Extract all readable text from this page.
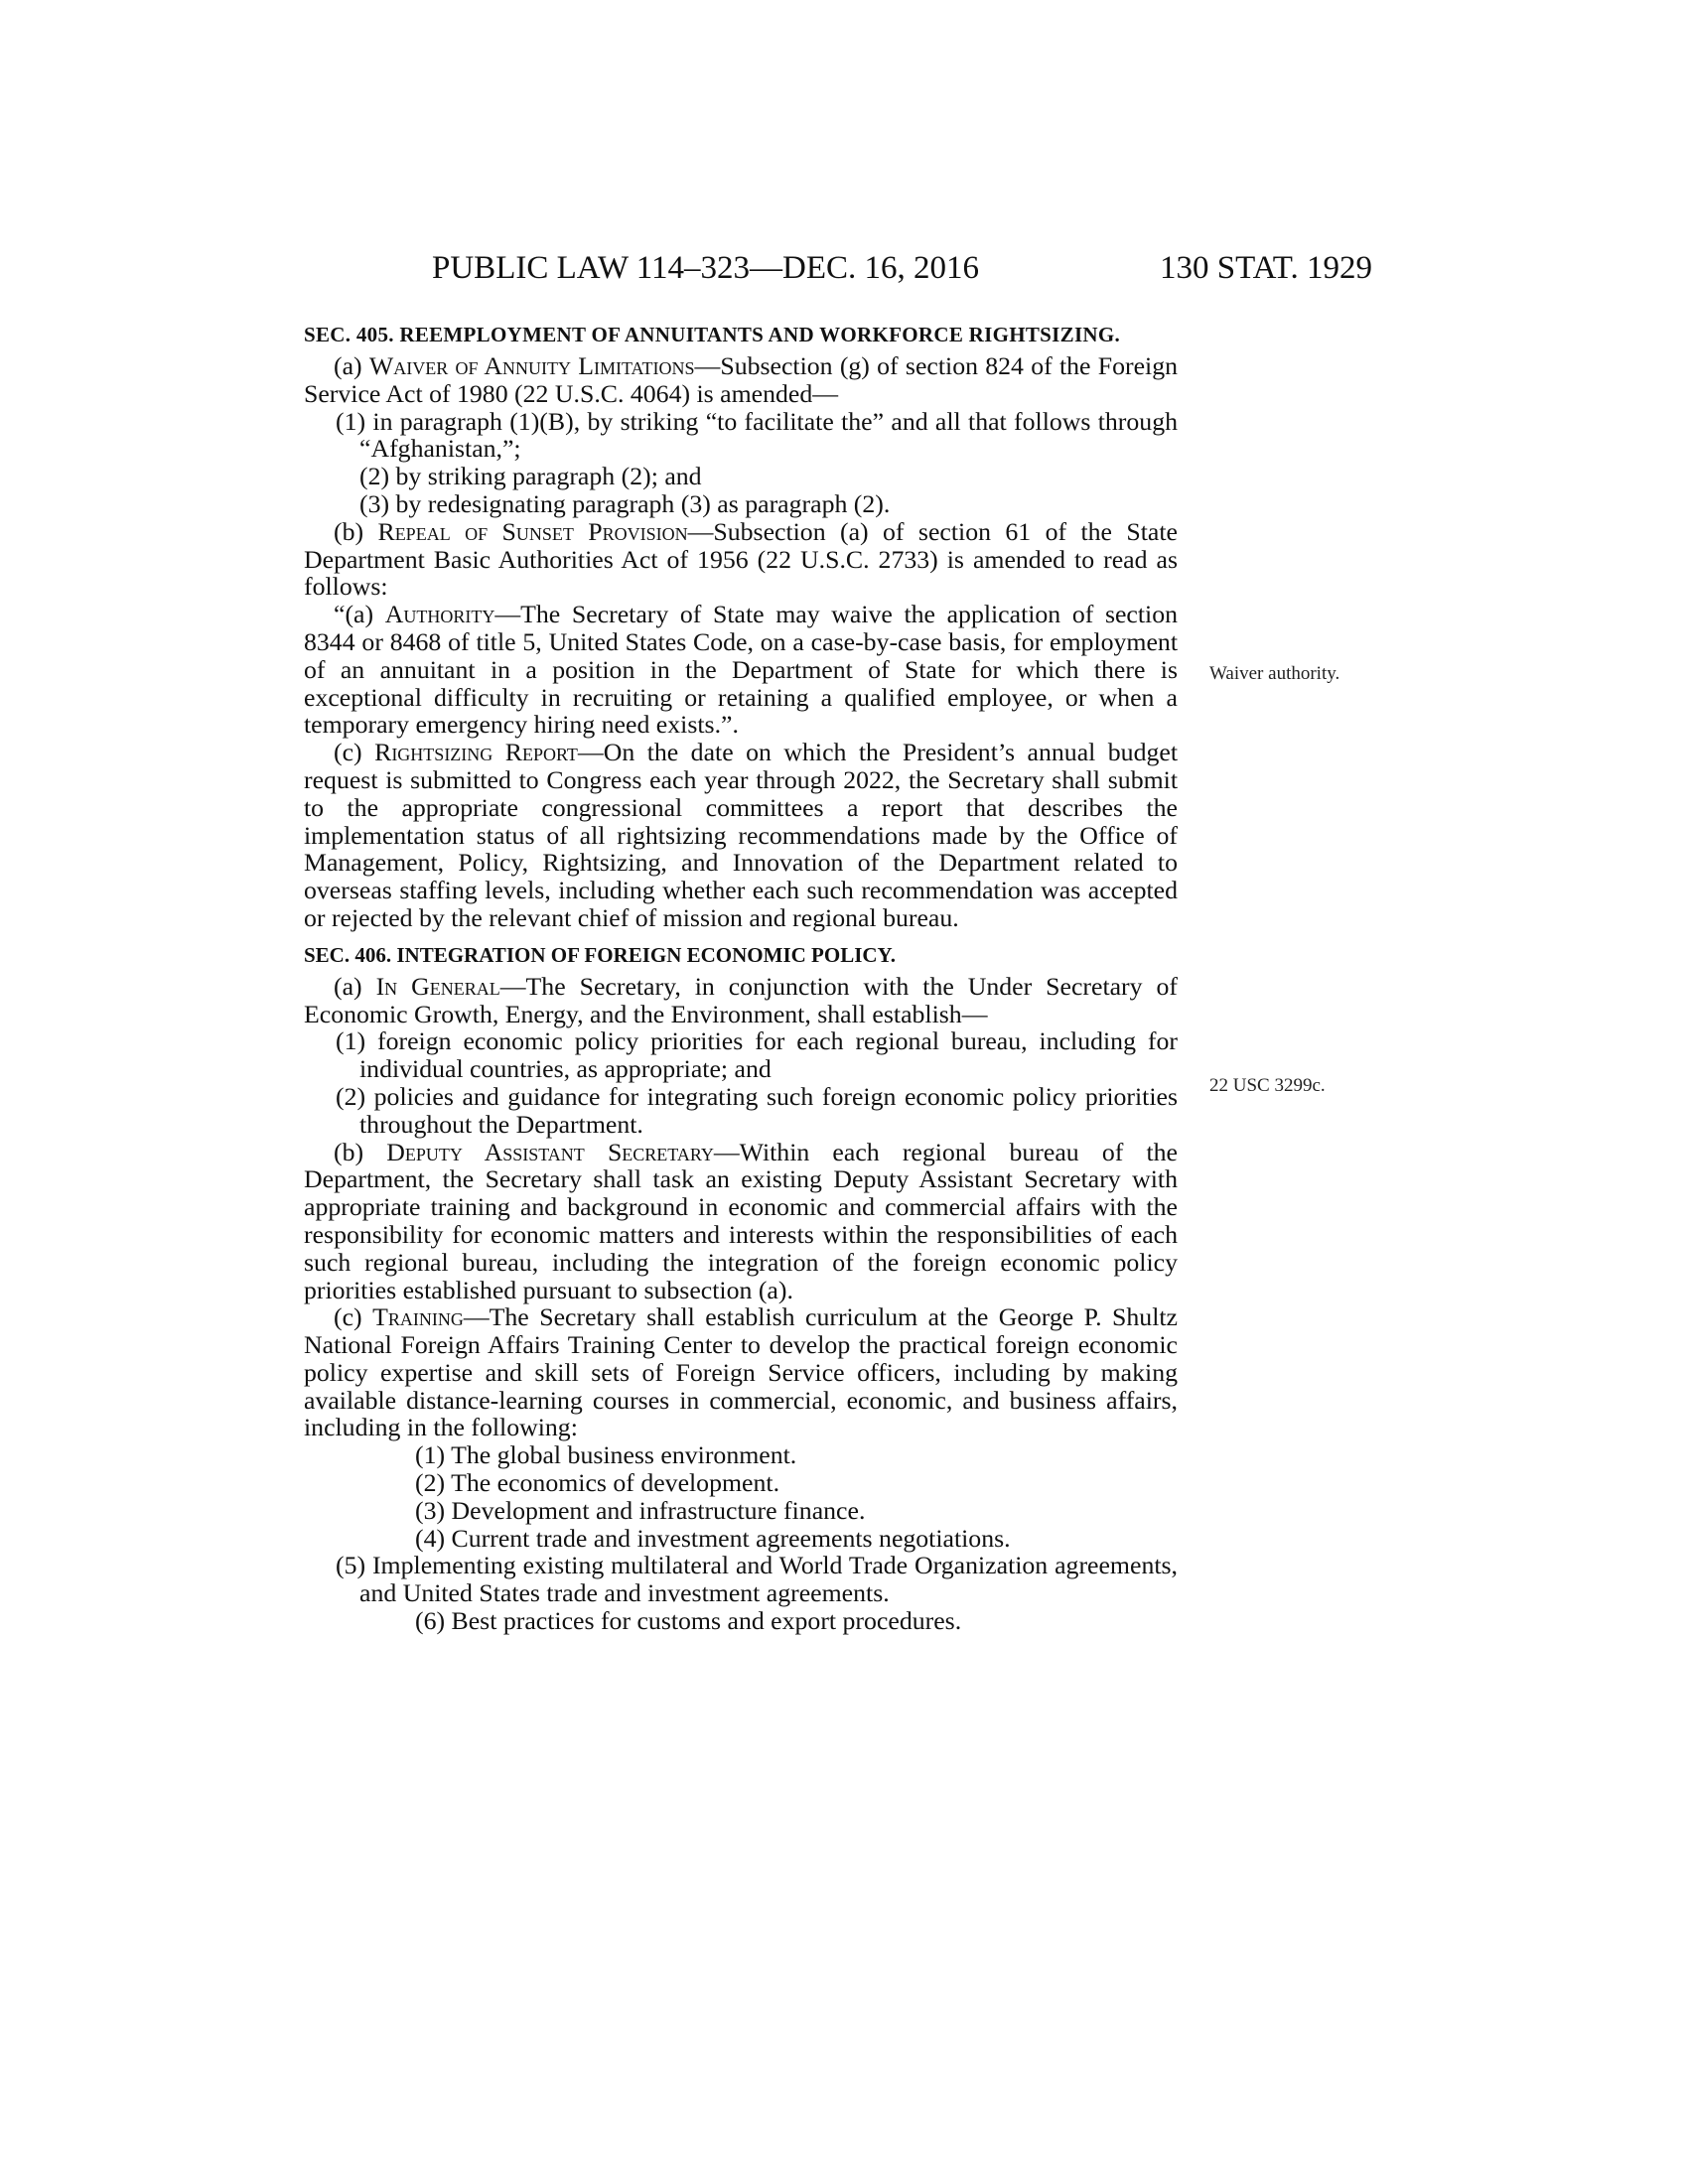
PUBLIC LAW 114–323—DEC. 16, 2016	130 STAT. 1929
SEC. 405. REEMPLOYMENT OF ANNUITANTS AND WORKFORCE RIGHTSIZING.

(a) Waiver of Annuity Limitations—Subsection (g) of section 824 of the Foreign Service Act of 1980 (22 U.S.C. 4064) is amended—

(1) in paragraph (1)(B), by striking “to facilitate the” and all that follows through “Afghanistan,”;

(2) by striking paragraph (2); and

(3) by redesignating paragraph (3) as paragraph (2).

(b) Repeal of Sunset Provision—Subsection (a) of section 61 of the State Department Basic Authorities Act of 1956 (22 U.S.C. 2733) is amended to read as follows:

“(a) Authority—The Secretary of State may waive the application of section 8344 or 8468 of title 5, United States Code, on a case-by-case basis, for employment of an annuitant in a position in the Department of State for which there is exceptional difficulty in recruiting or retaining a qualified employee, or when a temporary emergency hiring need exists.”.

(c) Rightsizing Report—On the date on which the President’s annual budget request is submitted to Congress each year through 2022, the Secretary shall submit to the appropriate congressional committees a report that describes the implementation status of all rightsizing recommendations made by the Office of Management, Policy, Rightsizing, and Innovation of the Department related to overseas staffing levels, including whether each such recommendation was accepted or rejected by the relevant chief of mission and regional bureau.

SEC. 406. INTEGRATION OF FOREIGN ECONOMIC POLICY.

(a) In General—The Secretary, in conjunction with the Under Secretary of Economic Growth, Energy, and the Environment, shall establish—

(1) foreign economic policy priorities for each regional bureau, including for individual countries, as appropriate; and

(2) policies and guidance for integrating such foreign economic policy priorities throughout the Department.

(b) Deputy Assistant Secretary—Within each regional bureau of the Department, the Secretary shall task an existing Deputy Assistant Secretary with appropriate training and background in economic and commercial affairs with the responsibility for economic matters and interests within the responsibilities of each such regional bureau, including the integration of the foreign economic policy priorities established pursuant to subsection (a).

(c) Training—The Secretary shall establish curriculum at the George P. Shultz National Foreign Affairs Training Center to develop the practical foreign economic policy expertise and skill sets of Foreign Service officers, including by making available distance-learning courses in commercial, economic, and business affairs, including in the following:

(1) The global business environment.

(2) The economics of development.

(3) Development and infrastructure finance.

(4) Current trade and investment agreements negotiations.

(5) Implementing existing multilateral and World Trade Organization agreements, and United States trade and investment agreements.

(6) Best practices for customs and export procedures.

Waiver authority.
22 USC 3299c.
